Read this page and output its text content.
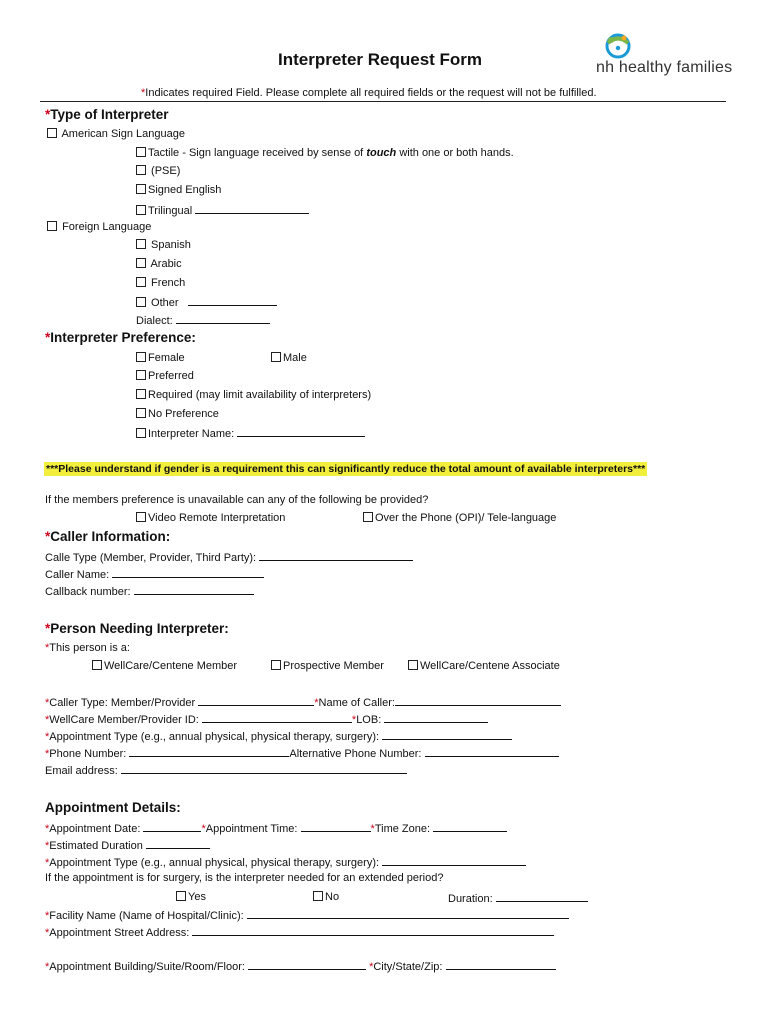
Interpreter Request Form	nh healthy families
*Indicates required Field. Please complete all required fields or the request will not be fulfilled.
*Type of Interpreter
American Sign Language
Tactile - Sign language received by sense of touch with one or both hands.
(PSE)
Signed English
Trilingual
Foreign Language
Spanish
Arabic
French
Other
Dialect:
*Interpreter Preference:
Female	Male
Preferred
Required (may limit availability of interpreters)
No Preference
Interpreter Name:
***Please understand if gender is a requirement this can significantly reduce the total amount of available interpreters***
If the members preference is unavailable can any of the following be provided?
Video Remote Interpretation	Over the Phone (OPI)/ Tele-language
*Caller Information:
Calle Type (Member, Provider, Third Party):
Caller Name:
Callback number:
*Person Needing Interpreter:
*This person is a:
WellCare/Centene Member	Prospective Member	WellCare/Centene Associate
*Caller Type: Member/Provider	*Name of Caller:
*WellCare Member/Provider ID:	*LOB:
*Appointment Type (e.g., annual physical, physical therapy, surgery):
*Phone Number:	Alternative Phone Number:
Email address:
Appointment Details:
*Appointment Date:	*Appointment Time:	*Time Zone:
*Estimated Duration
*Appointment Type (e.g., annual physical, physical therapy, surgery):
If the appointment is for surgery, is the interpreter needed for an extended period?
Yes	No	Duration:
*Facility Name (Name of Hospital/Clinic):
*Appointment Street Address:
*Appointment Building/Suite/Room/Floor:	*City/State/Zip:
